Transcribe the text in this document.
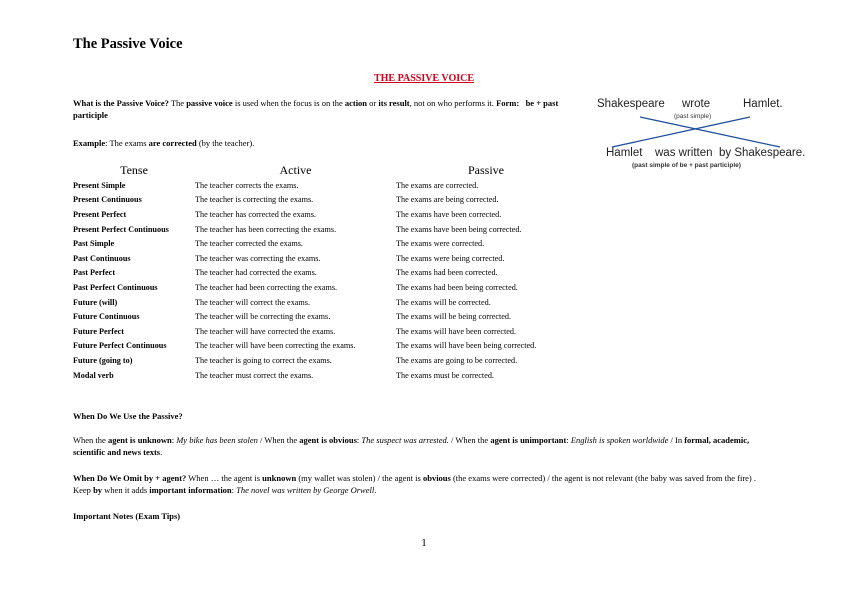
The Passive Voice
THE PASSIVE VOICE
What is the Passive Voice? The passive voice is used when the focus is on the action or its result, not on who performs it. Form: be + past participle
Example: The exams are corrected (by the teacher).
Shakespeare wrote	Hamlet.
(past simple)
Hamlet was written by Shakespeare.
(past simple of be + past participle)
Tense	Active	Passive
Present Simple	The teacher corrects the exams.	The exams are corrected.
Present Continuous	The teacher is correcting the exams.	The exams are being corrected.
Present Perfect	The teacher has corrected the exams.	The exams have been corrected.
Present Perfect Continuous	The teacher has been correcting the exams.	The exams have been being corrected.
Past Simple	The teacher corrected the exams.	The exams were corrected.
Past Continuous	The teacher was correcting the exams.	The exams were being corrected.
Past Perfect	The teacher had corrected the exams.	The exams had been corrected.
Past Perfect Continuous	The teacher had been correcting the exams.	The exams had been being corrected.
Future (will)	The teacher will correct the exams.	The exams will be corrected.
Future Continuous	The teacher will be correcting the exams.	The exams will be being corrected.
Future Perfect	The teacher will have corrected the exams.	The exams will have been corrected.
Future Perfect Continuous	The teacher will have been correcting the exams.	The exams will have been being corrected.
Future (going to)	The teacher is going to correct the exams.	The exams are going to be corrected.
Modal verb	The teacher must correct the exams.	The exams must be corrected.
When Do We Use the Passive?
When the agent is unknown: My bike has been stolen / When the agent is obvious: The suspect was arrested. / When the agent is unimportant: English is spoken worldwide / In formal, academic, scientific and news texts.
When Do We Omit by + agent? When … the agent is unknown (my wallet was stolen) / the agent is obvious (the exams were corrected) / the agent is not relevant (the baby was saved from the fire) . Keep by when it adds important information: The novel was written by George Orwell.
Important Notes (Exam Tips)
1
